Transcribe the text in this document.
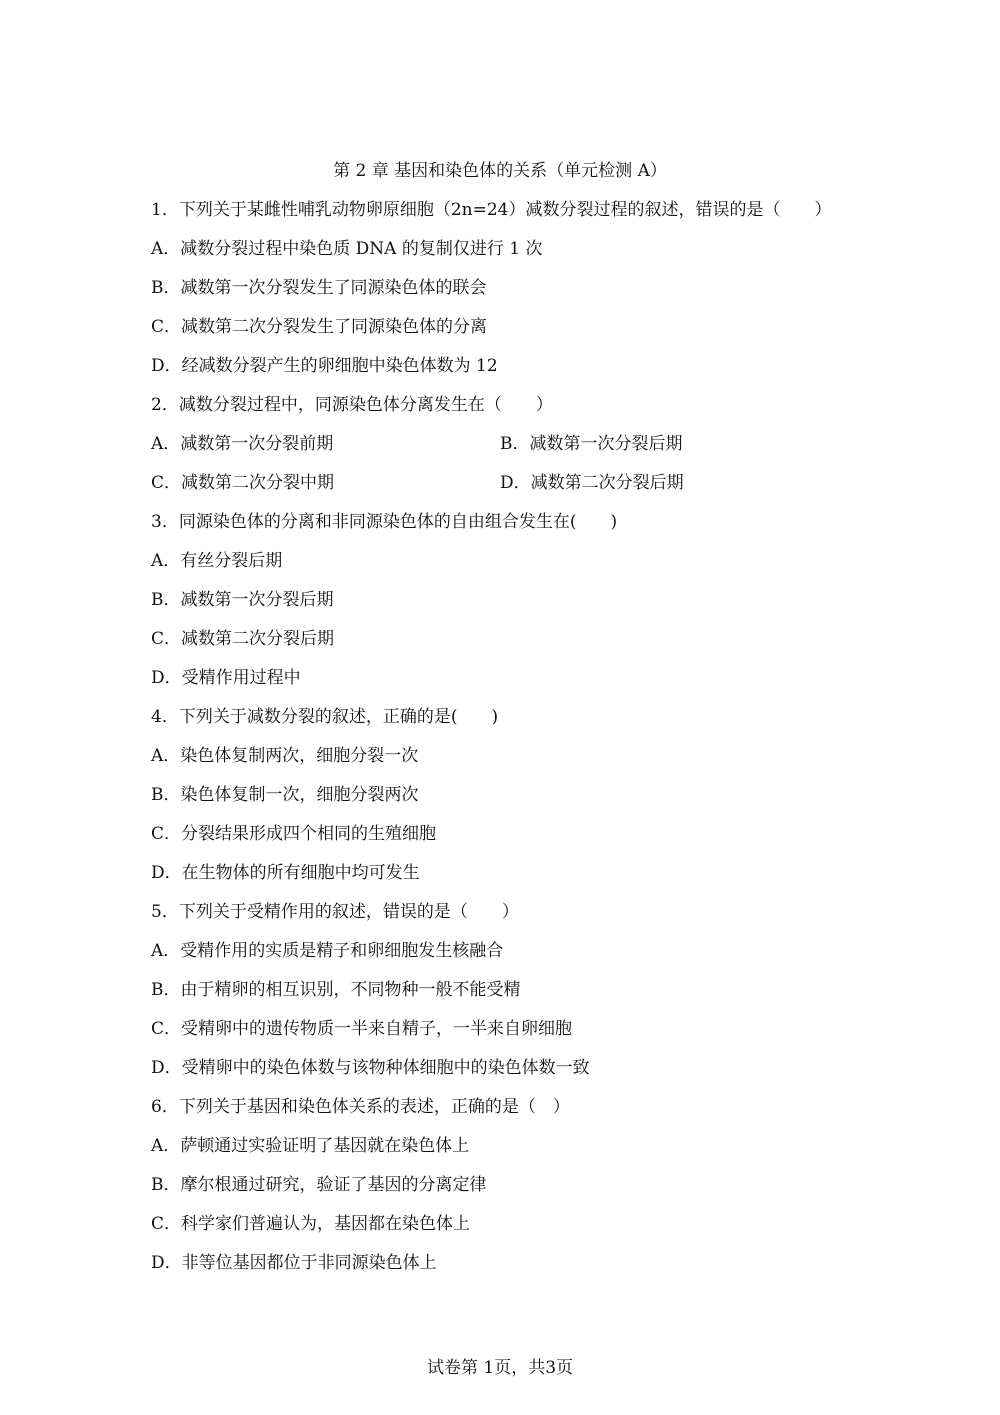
第 2 章 基因和染色体的关系（单元检测 A）
1．下列关于某雌性哺乳动物卵原细胞（2n=24）减数分裂过程的叙述，错误的是（　　）
A．减数分裂过程中染色质 DNA 的复制仅进行 1 次
B．减数第一次分裂发生了同源染色体的联会
C．减数第二次分裂发生了同源染色体的分离
D．经减数分裂产生的卵细胞中染色体数为 12
2．减数分裂过程中，同源染色体分离发生在（　　）
A．减数第一次分裂前期	B．减数第一次分裂后期
C．减数第二次分裂中期	D．减数第二次分裂后期
3．同源染色体的分离和非同源染色体的自由组合发生在(　　)
A．有丝分裂后期
B．减数第一次分裂后期
C．减数第二次分裂后期
D．受精作用过程中
4．下列关于减数分裂的叙述，正确的是(　　)
A．染色体复制两次，细胞分裂一次
B．染色体复制一次，细胞分裂两次
C．分裂结果形成四个相同的生殖细胞
D．在生物体的所有细胞中均可发生
5．下列关于受精作用的叙述，错误的是（　　）
A．受精作用的实质是精子和卵细胞发生核融合
B．由于精卵的相互识别，不同物种一般不能受精
C．受精卵中的遗传物质一半来自精子，一半来自卵细胞
D．受精卵中的染色体数与该物种体细胞中的染色体数一致
6．下列关于基因和染色体关系的表述，正确的是（　）
A．萨顿通过实验证明了基因就在染色体上
B．摩尔根通过研究，验证了基因的分离定律
C．科学家们普遍认为，基因都在染色体上
D．非等位基因都位于非同源染色体上
试卷第 1页，共3页
